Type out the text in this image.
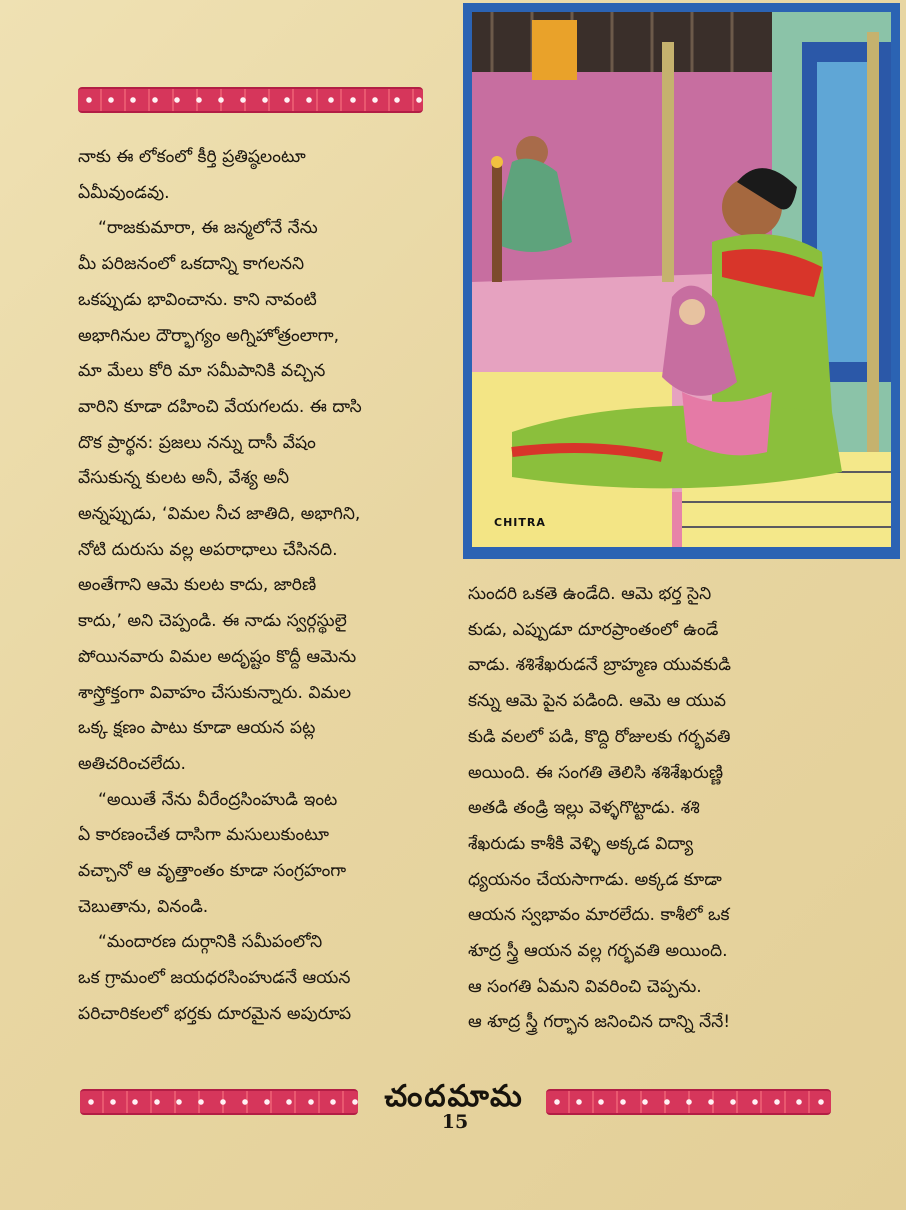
CHITRA
నాకు ఈ లోకంలో కీర్తి ప్రతిష్ఠలంటూ
ఏమీవుండవు.
“రాజకుమారా, ఈ జన్మలోనే నేను
మీ పరిజనంలో ఒకదాన్ని కాగలనని
ఒకప్పుడు భావించాను. కాని నావంటి
అభాగినుల దౌర్భాగ్యం అగ్నిహోత్రంలాగా,
మా మేలు కోరి మా సమీపానికి వచ్చిన
వారిని కూడా దహించి వేయగలదు. ఈ దాసి
దొక ప్రార్థన: ప్రజలు నన్ను దాసీ వేషం
వేసుకున్న కులట అనీ, వేశ్య అనీ
అన్నప్పుడు, ‘విమల నీచ జాతిది, అభాగిని,
నోటి దురుసు వల్ల అపరాధాలు చేసినది.
అంతేగాని ఆమె కులట కాదు, జారిణి
కాదు,’ అని చెప్పండి. ఈ నాడు స్వర్గస్థులై
పోయినవారు విమల అదృష్టం కొద్దీ ఆమెను
శాస్త్రోక్తంగా వివాహం చేసుకున్నారు. విమల
ఒక్క క్షణం పాటు కూడా ఆయన పట్ల
అతిచరించలేదు.
“అయితే నేను వీరేంద్రసింహుడి ఇంట
ఏ కారణంచేత దాసిగా మసులుకుంటూ
వచ్చానో ఆ వృత్తాంతం కూడా సంగ్రహంగా
చెబుతాను, వినండి.
“మందారణ దుర్గానికి సమీపంలోని
ఒక గ్రామంలో జయధరసింహుడనే ఆయన
పరిచారికలలో భర్తకు దూరమైన అపురూప
సుందరి ఒకతె ఉండేది. ఆమె భర్త సైని
కుడు, ఎప్పుడూ దూరప్రాంతంలో ఉండే
వాడు. శశిశేఖరుడనే బ్రాహ్మణ యువకుడి
కన్ను ఆమె పైన పడింది. ఆమె ఆ యువ
కుడి వలలో పడి, కొద్ది రోజులకు గర్భవతి
అయింది. ఈ సంగతి తెలిసి శశిశేఖరుణ్ణి
అతడి తండ్రి ఇల్లు వెళ్ళగొట్టాడు. శశి
శేఖరుడు కాశీకి వెళ్ళి అక్కడ విద్యా
ధ్యయనం చేయసాగాడు. అక్కడ కూడా
ఆయన స్వభావం మారలేదు. కాశీలో ఒక
శూద్ర స్త్రీ ఆయన వల్ల గర్భవతి అయింది.
ఆ సంగతి ఏమని వివరించి చెప్పను.
ఆ శూద్ర స్త్రీ గర్భాన జనించిన దాన్ని నేనే!
చందమామ
15
